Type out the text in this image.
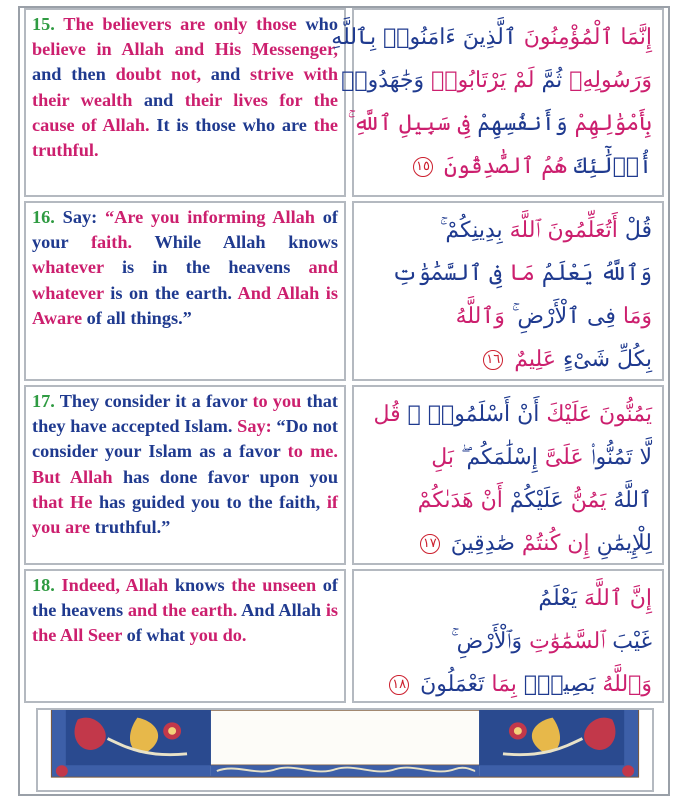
15. The believers are only those who believe in Allah and His Messenger, and then doubt not, and strive with their wealth and their lives for the cause of Allah. It is those who are the truthful.

إِنَّمَا ٱلْمُؤْمِنُونَ ٱلَّذِينَ ءَامَنُوا۟ بِٱللَّهِ
وَرَسُولِهِۦ ثُمَّ لَمْ يَرْتَابُوا۟ وَجَٰهَدُوا۟
بِأَمْوَٰلِهِمْ وَأَنفُسِهِمْ فِى سَبِيلِ ٱللَّهِ ۚ
أُو۟لَٰٓئِكَ هُمُ ٱلصَّٰدِقُونَ ١٥

16. Say: “Are you informing Allah of your faith. While Allah knows whatever is in the heavens and whatever is on the earth. And Allah is Aware of all things.”

قُلْ أَتُعَلِّمُونَ ٱللَّهَ بِدِينِكُمْ ۚ
وَٱللَّهُ يَعْلَمُ مَا فِى ٱلسَّمَٰوَٰتِ
وَمَا فِى ٱلْأَرْضِ ۚ وَٱللَّهُ
بِكُلِّ شَىْءٍ عَلِيمٌ ١٦

17. They consider it a favor to you that they have accepted Islam. Say: “Do not consider your Islam as a favor to me. But Allah has done favor upon you that He has guided you to the faith, if you are truthful.”

يَمُنُّونَ عَلَيْكَ أَنْ أَسْلَمُوا۟ ۖ قُل
لَّا تَمُنُّوا۟ عَلَىَّ إِسْلَٰمَكُم ۖ بَلِ
ٱللَّهُ يَمُنُّ عَلَيْكُمْ أَنْ هَدَىٰكُمْ
لِلْإِيمَٰنِ إِن كُنتُمْ صَٰدِقِينَ ١٧

18. Indeed, Allah knows the unseen of the heavens and the earth. And Allah is the All Seer of what you do.

إِنَّ ٱللَّهَ يَعْلَمُ
غَيْبَ ٱلسَّمَٰوَٰتِ وَٱلْأَرْضِ ۚ
وَٱللَّهُ بَصِيرٌۢ بِمَا تَعْمَلُونَ ١٨
